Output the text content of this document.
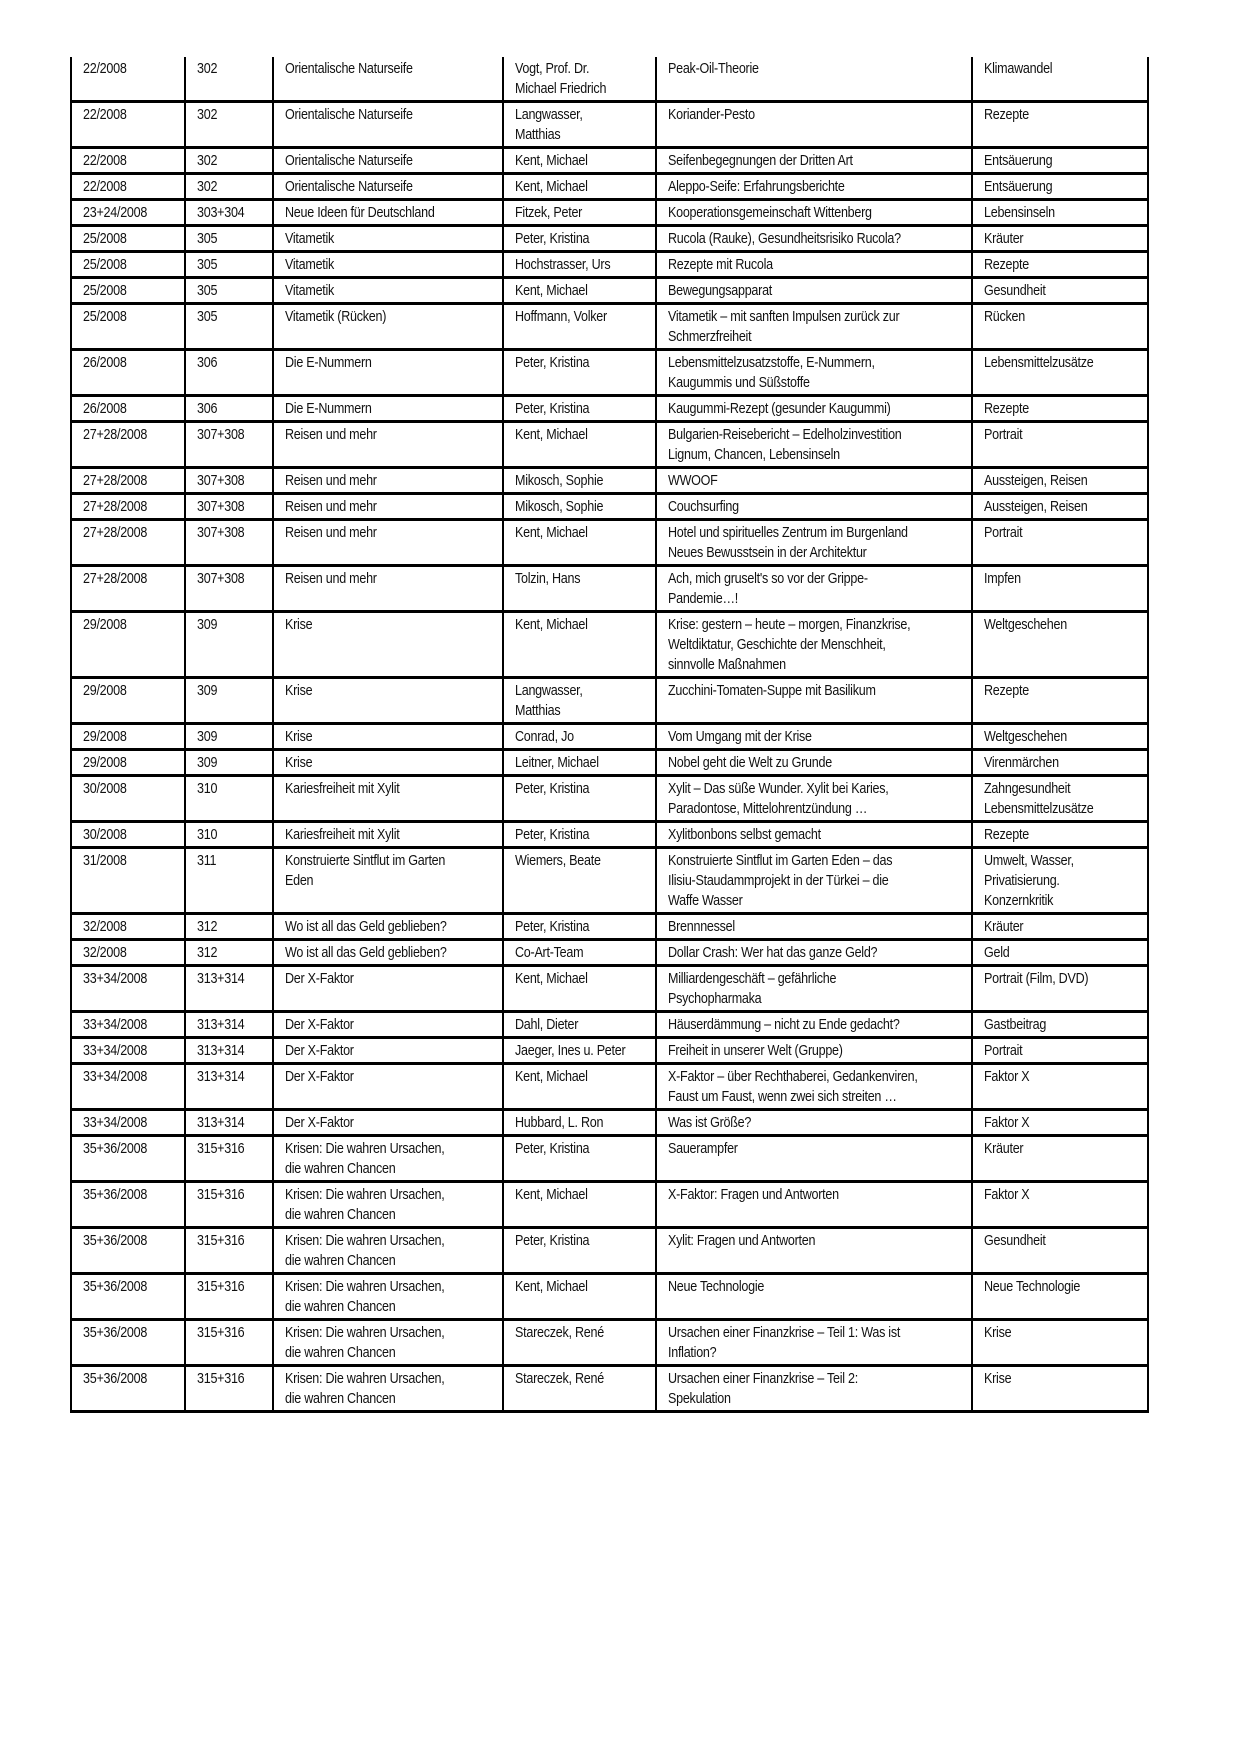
22/2008	302	Orientalische Naturseife	Vogt, Prof. Dr.
Michael Friedrich	Peak-Oil-Theorie	Klimawandel
22/2008	302	Orientalische Naturseife	Langwasser,
Matthias	Koriander-Pesto	Rezepte
22/2008	302	Orientalische Naturseife	Kent, Michael	Seifenbegegnungen der Dritten Art	Entsäuerung
22/2008	302	Orientalische Naturseife	Kent, Michael	Aleppo-Seife: Erfahrungsberichte	Entsäuerung
23+24/2008	303+304	Neue Ideen für Deutschland	Fitzek, Peter	Kooperationsgemeinschaft Wittenberg	Lebensinseln
25/2008	305	Vitametik	Peter, Kristina	Rucola (Rauke), Gesundheitsrisiko Rucola?	Kräuter
25/2008	305	Vitametik	Hochstrasser, Urs	Rezepte mit Rucola	Rezepte
25/2008	305	Vitametik	Kent, Michael	Bewegungsapparat	Gesundheit
25/2008	305	Vitametik (Rücken)	Hoffmann, Volker	Vitametik – mit sanften Impulsen zurück zur
Schmerzfreiheit	Rücken
26/2008	306	Die E-Nummern	Peter, Kristina	Lebensmittelzusatzstoffe, E-Nummern,
Kaugummis und Süßstoffe	Lebensmittelzusätze
26/2008	306	Die E-Nummern	Peter, Kristina	Kaugummi-Rezept (gesunder Kaugummi)	Rezepte
27+28/2008	307+308	Reisen und mehr	Kent, Michael	Bulgarien-Reisebericht – Edelholzinvestition
Lignum, Chancen, Lebensinseln	Portrait
27+28/2008	307+308	Reisen und mehr	Mikosch, Sophie	WWOOF	Aussteigen, Reisen
27+28/2008	307+308	Reisen und mehr	Mikosch, Sophie	Couchsurfing	Aussteigen, Reisen
27+28/2008	307+308	Reisen und mehr	Kent, Michael	Hotel und spirituelles Zentrum im Burgenland
Neues Bewusstsein in der Architektur	Portrait
27+28/2008	307+308	Reisen und mehr	Tolzin, Hans	Ach, mich gruselt's so vor der Grippe-
Pandemie…!	Impfen
29/2008	309	Krise	Kent, Michael	Krise: gestern – heute – morgen, Finanzkrise,
Weltdiktatur, Geschichte der Menschheit,
sinnvolle Maßnahmen	Weltgeschehen
29/2008	309	Krise	Langwasser,
Matthias	Zucchini-Tomaten-Suppe mit Basilikum	Rezepte
29/2008	309	Krise	Conrad, Jo	Vom Umgang mit der Krise	Weltgeschehen
29/2008	309	Krise	Leitner, Michael	Nobel geht die Welt zu Grunde	Virenmärchen
30/2008	310	Kariesfreiheit mit Xylit	Peter, Kristina	Xylit – Das süße Wunder. Xylit bei Karies,
Paradontose, Mittelohrentzündung …	Zahngesundheit
Lebensmittelzusätze
30/2008	310	Kariesfreiheit mit Xylit	Peter, Kristina	Xylitbonbons selbst gemacht	Rezepte
31/2008	311	Konstruierte Sintflut im Garten
Eden	Wiemers, Beate	Konstruierte Sintflut im Garten Eden – das
Ilisiu-Staudammprojekt in der Türkei – die
Waffe Wasser	Umwelt, Wasser,
Privatisierung.
Konzernkritik
32/2008	312	Wo ist all das Geld geblieben?	Peter, Kristina	Brennnessel	Kräuter
32/2008	312	Wo ist all das Geld geblieben?	Co-Art-Team	Dollar Crash: Wer hat das ganze Geld?	Geld
33+34/2008	313+314	Der X-Faktor	Kent, Michael	Milliardengeschäft – gefährliche
Psychopharmaka	Portrait (Film, DVD)
33+34/2008	313+314	Der X-Faktor	Dahl, Dieter	Häuserdämmung – nicht zu Ende gedacht?	Gastbeitrag
33+34/2008	313+314	Der X-Faktor	Jaeger, Ines u. Peter	Freiheit in unserer Welt (Gruppe)	Portrait
33+34/2008	313+314	Der X-Faktor	Kent, Michael	X-Faktor – über Rechthaberei, Gedankenviren,
Faust um Faust, wenn zwei sich streiten …	Faktor X
33+34/2008	313+314	Der X-Faktor	Hubbard, L. Ron	Was ist Größe?	Faktor X
35+36/2008	315+316	Krisen: Die wahren Ursachen,
die wahren Chancen	Peter, Kristina	Sauerampfer	Kräuter
35+36/2008	315+316	Krisen: Die wahren Ursachen,
die wahren Chancen	Kent, Michael	X-Faktor: Fragen und Antworten	Faktor X
35+36/2008	315+316	Krisen: Die wahren Ursachen,
die wahren Chancen	Peter, Kristina	Xylit: Fragen und Antworten	Gesundheit
35+36/2008	315+316	Krisen: Die wahren Ursachen,
die wahren Chancen	Kent, Michael	Neue Technologie	Neue Technologie
35+36/2008	315+316	Krisen: Die wahren Ursachen,
die wahren Chancen	Stareczek, René	Ursachen einer Finanzkrise – Teil 1: Was ist
Inflation?	Krise
35+36/2008	315+316	Krisen: Die wahren Ursachen,
die wahren Chancen	Stareczek, René	Ursachen einer Finanzkrise – Teil 2:
Spekulation	Krise
